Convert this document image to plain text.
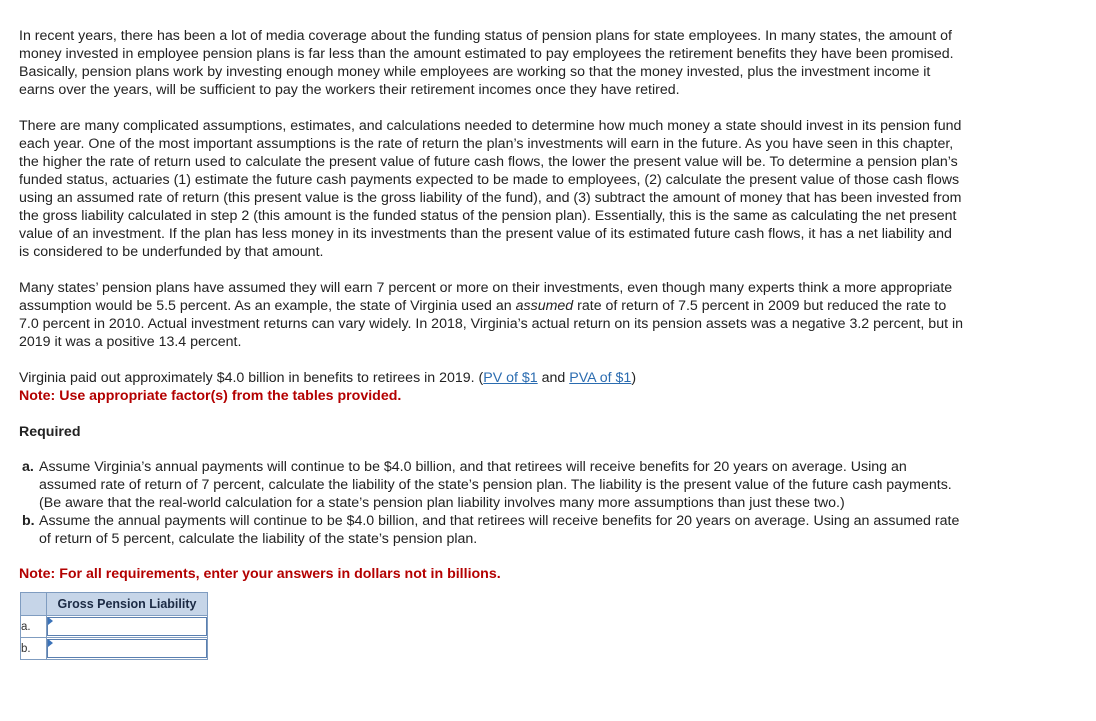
In recent years, there has been a lot of media coverage about the funding status of pension plans for state employees. In many states, the amount of money invested in employee pension plans is far less than the amount estimated to pay employees the retirement benefits they have been promised. Basically, pension plans work by investing enough money while employees are working so that the money invested, plus the investment income it earns over the years, will be sufficient to pay the workers their retirement incomes once they have retired.

There are many complicated assumptions, estimates, and calculations needed to determine how much money a state should invest in its pension fund each year. One of the most important assumptions is the rate of return the plan’s investments will earn in the future. As you have seen in this chapter, the higher the rate of return used to calculate the present value of future cash flows, the lower the present value will be. To determine a pension plan’s funded status, actuaries (1) estimate the future cash payments expected to be made to employees, (2) calculate the present value of those cash flows using an assumed rate of return (this present value is the gross liability of the fund), and (3) subtract the amount of money that has been invested from the gross liability calculated in step 2 (this amount is the funded status of the pension plan). Essentially, this is the same as calculating the net present value of an investment. If the plan has less money in its investments than the present value of its estimated future cash flows, it has a net liability and is considered to be underfunded by that amount.

Many states’ pension plans have assumed they will earn 7 percent or more on their investments, even though many experts think a more appropriate assumption would be 5.5 percent. As an example, the state of Virginia used an assumed rate of return of 7.5 percent in 2009 but reduced the rate to 7.0 percent in 2010. Actual investment returns can vary widely. In 2018, Virginia’s actual return on its pension assets was a negative 3.2 percent, but in 2019 it was a positive 13.4 percent.

Virginia paid out approximately $4.0 billion in benefits to retirees in 2019. (PV of $1 and PVA of $1)

Note: Use appropriate factor(s) from the tables provided.

Required

a. Assume Virginia’s annual payments will continue to be $4.0 billion, and that retirees will receive benefits for 20 years on average. Using an assumed rate of return of 7 percent, calculate the liability of the state’s pension plan. The liability is the present value of the future cash payments. (Be aware that the real-world calculation for a state’s pension plan liability involves many more assumptions than just these two.)
b. Assume the annual payments will continue to be $4.0 billion, and that retirees will receive benefits for 20 years on average. Using an assumed rate of return of 5 percent, calculate the liability of the state’s pension plan.

Note: For all requirements, enter your answers in dollars not in billions.

	Gross Pension Liability
a.	

b.	
